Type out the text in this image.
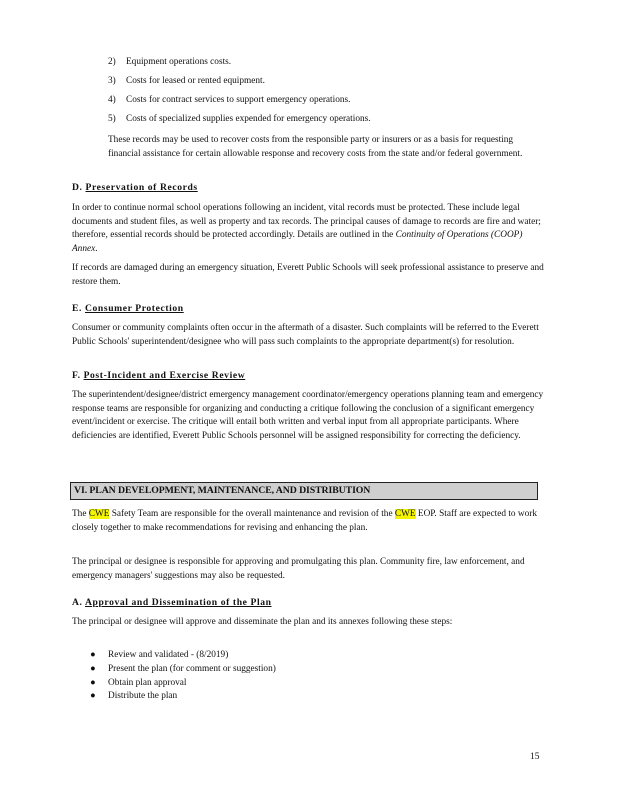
2) Equipment operations costs.
3) Costs for leased or rented equipment.
4) Costs for contract services to support emergency operations.
5) Costs of specialized supplies expended for emergency operations.

These records may be used to recover costs from the responsible party or insurers or as a basis for requesting financial assistance for certain allowable response and recovery costs from the state and/or federal government.

D. Preservation of Records

In order to continue normal school operations following an incident, vital records must be protected. These include legal documents and student files, as well as property and tax records. The principal causes of damage to records are fire and water; therefore, essential records should be protected accordingly. Details are outlined in the Continuity of Operations (COOP) Annex.

If records are damaged during an emergency situation, Everett Public Schools will seek professional assistance to preserve and restore them.

E. Consumer Protection

Consumer or community complaints often occur in the aftermath of a disaster. Such complaints will be referred to the Everett Public Schools' superintendent/designee who will pass such complaints to the appropriate department(s) for resolution.

F. Post-Incident and Exercise Review

The superintendent/designee/district emergency management coordinator/emergency operations planning team and emergency response teams are responsible for organizing and conducting a critique following the conclusion of a significant emergency event/incident or exercise. The critique will entail both written and verbal input from all appropriate participants. Where deficiencies are identified, Everett Public Schools personnel will be assigned responsibility for correcting the deficiency.

VI. PLAN DEVELOPMENT, MAINTENANCE, AND DISTRIBUTION

The CWE Safety Team are responsible for the overall maintenance and revision of the CWE EOP. Staff are expected to work closely together to make recommendations for revising and enhancing the plan.

The principal or designee is responsible for approving and promulgating this plan. Community fire, law enforcement, and emergency managers' suggestions may also be requested.

A. Approval and Dissemination of the Plan

The principal or designee will approve and disseminate the plan and its annexes following these steps:

● Review and validated - (8/2019)
● Present the plan (for comment or suggestion)
● Obtain plan approval
● Distribute the plan
15
